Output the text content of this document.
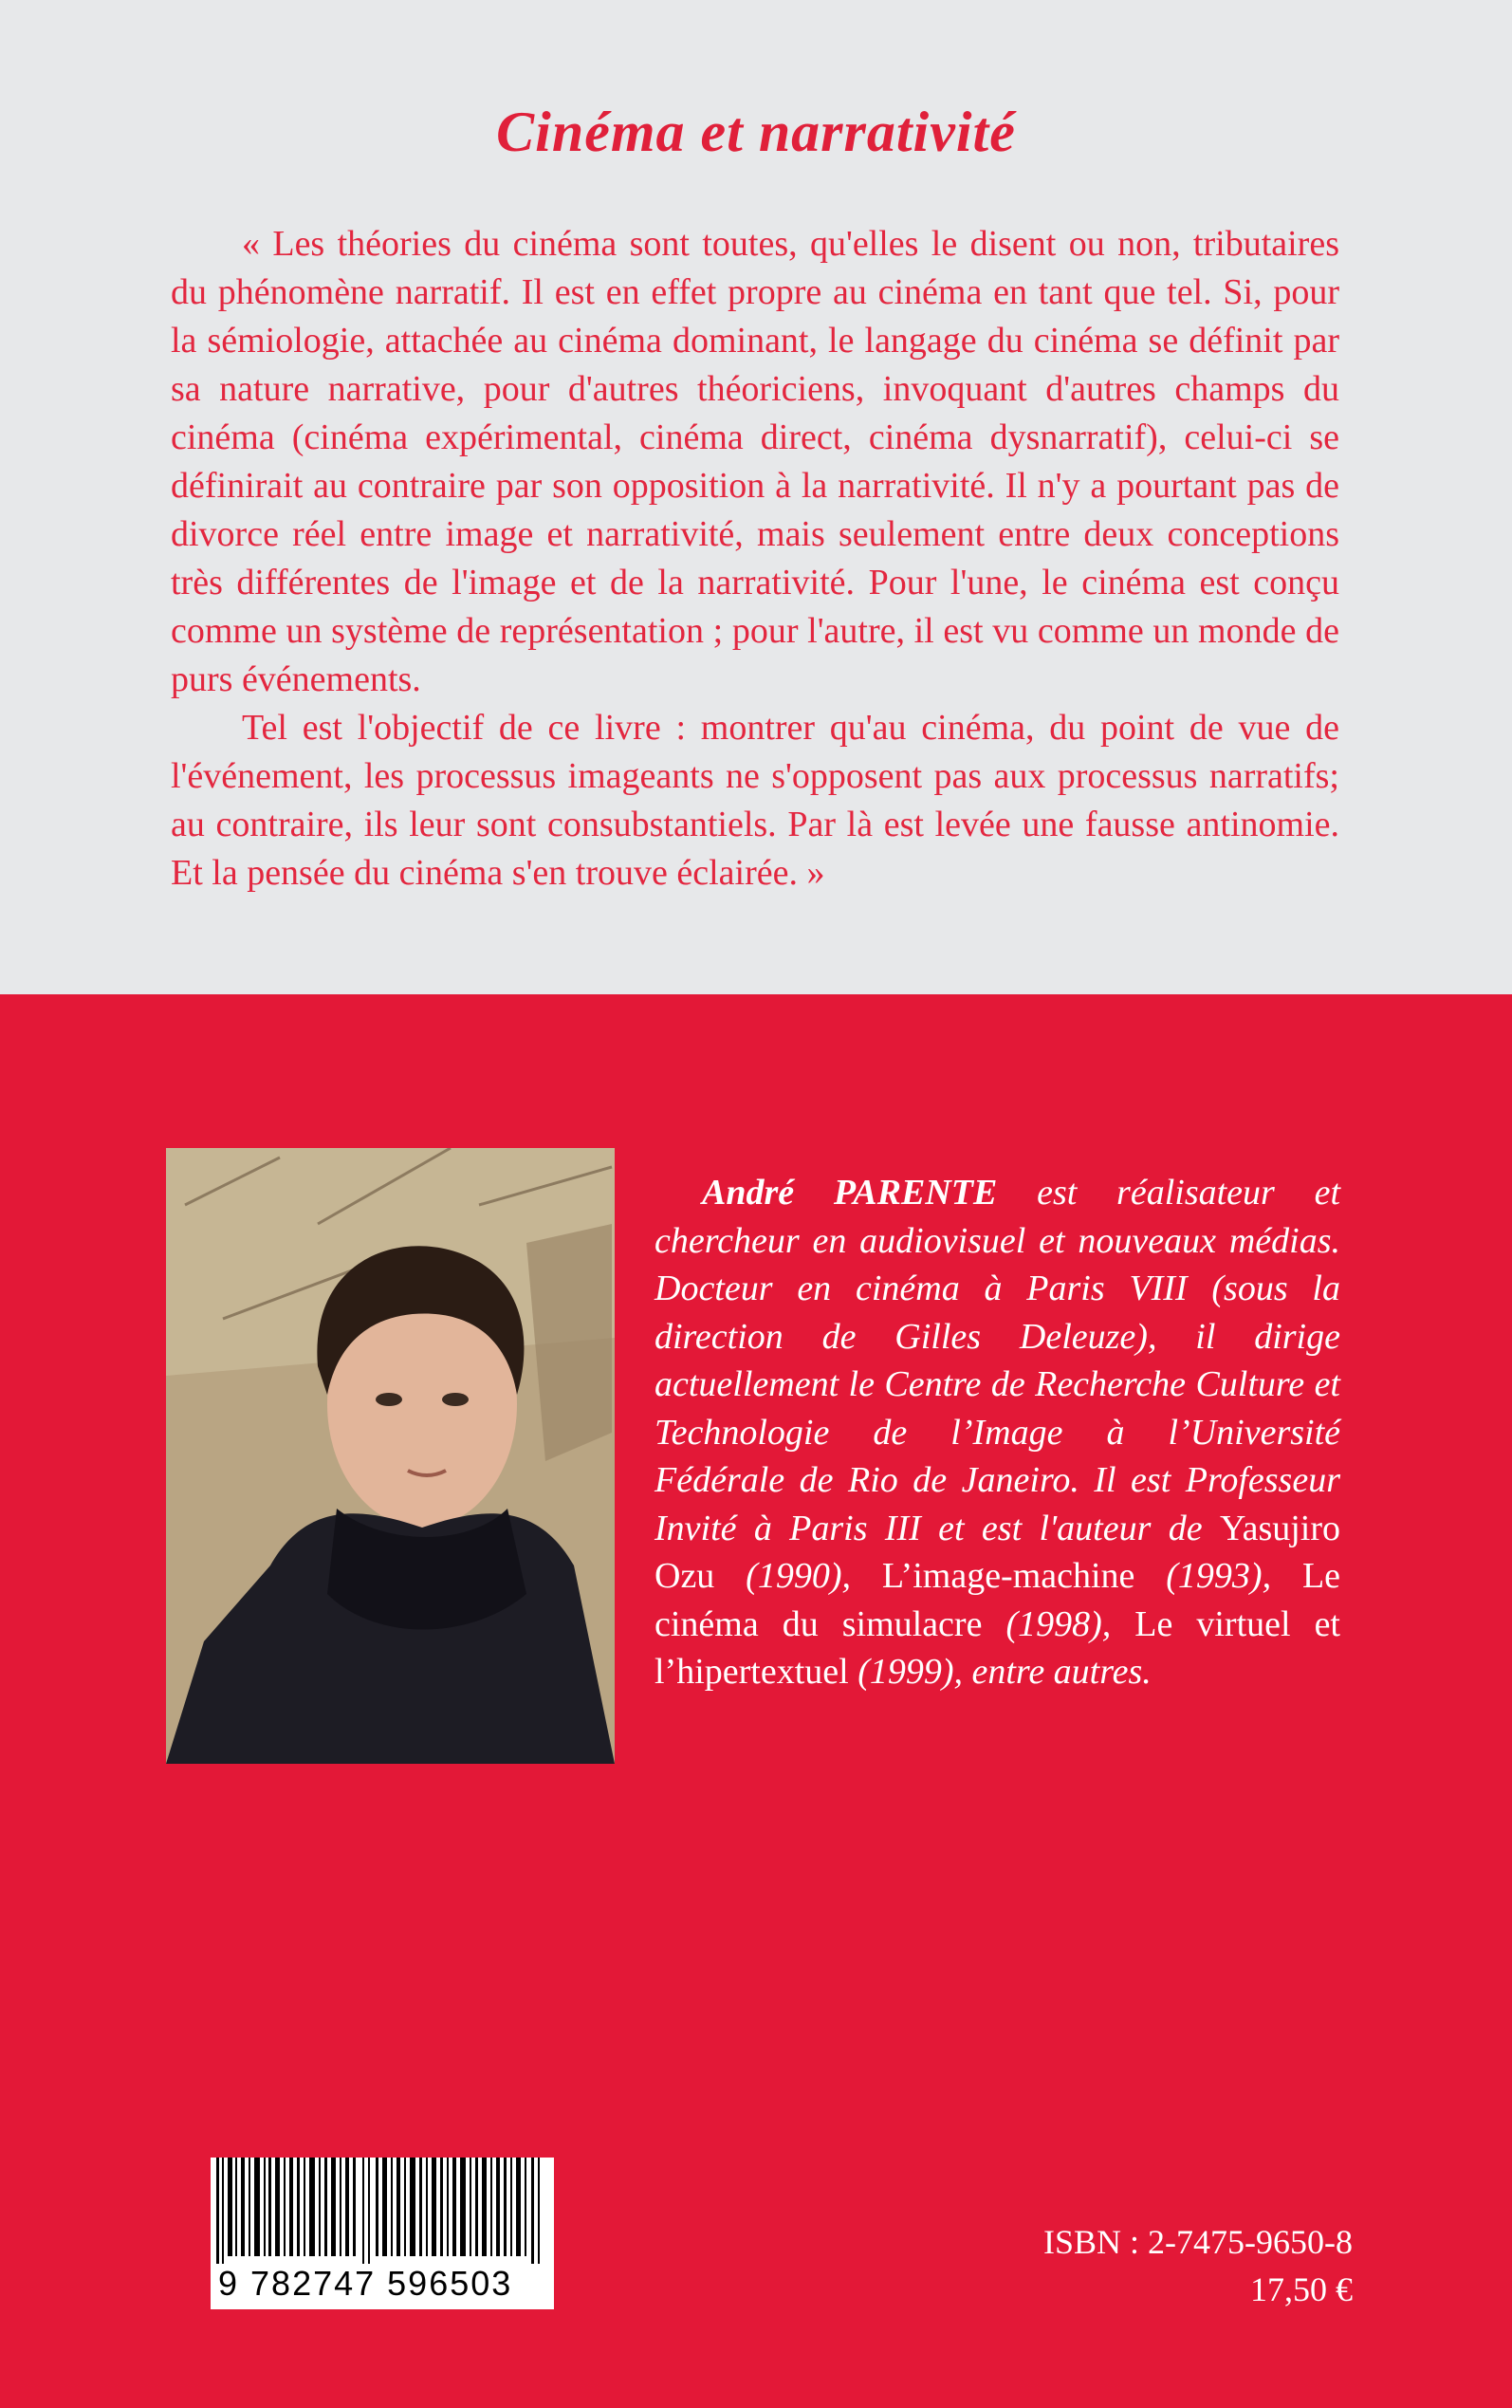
Cinéma et narrativité

« Les théories du cinéma sont toutes, qu'elles le disent ou non, tributaires du phénomène narratif. Il est en effet propre au cinéma en tant que tel. Si, pour la sémiologie, attachée au cinéma dominant, le langage du cinéma se définit par sa nature narrative, pour d'autres théoriciens, invoquant d'autres champs du cinéma (cinéma expérimental, cinéma direct, cinéma dysnarratif), celui-ci se définirait au contraire par son opposition à la narrativité. Il n'y a pourtant pas de divorce réel entre image et narrativité, mais seulement entre deux conceptions très différentes de l'image et de la narrativité. Pour l'une, le cinéma est conçu comme un système de représentation ; pour l'autre, il est vu comme un monde de purs événements.

Tel est l'objectif de ce livre : montrer qu'au cinéma, du point de vue de l'événement, les processus imageants ne s'opposent pas aux processus narratifs; au contraire, ils leur sont consubstantiels. Par là est levée une fausse antinomie. Et la pensée du cinéma s'en trouve éclairée. »

André PARENTE est réalisateur et chercheur en audiovisuel et nouveaux médias. Docteur en cinéma à Paris VIII (sous la direction de Gilles Deleuze), il dirige actuellement le Centre de Recherche Culture et Technologie de l’Image à l’Université Fédérale de Rio de Janeiro. Il est Professeur Invité à Paris III et est l'auteur de Yasujiro Ozu (1990), L’image-machine (1993), Le cinéma du simulacre (1998), Le virtuel et l’hipertextuel (1999), entre autres.

9 782747 596503
ISBN : 2-7475-9650-8
17,50 €
